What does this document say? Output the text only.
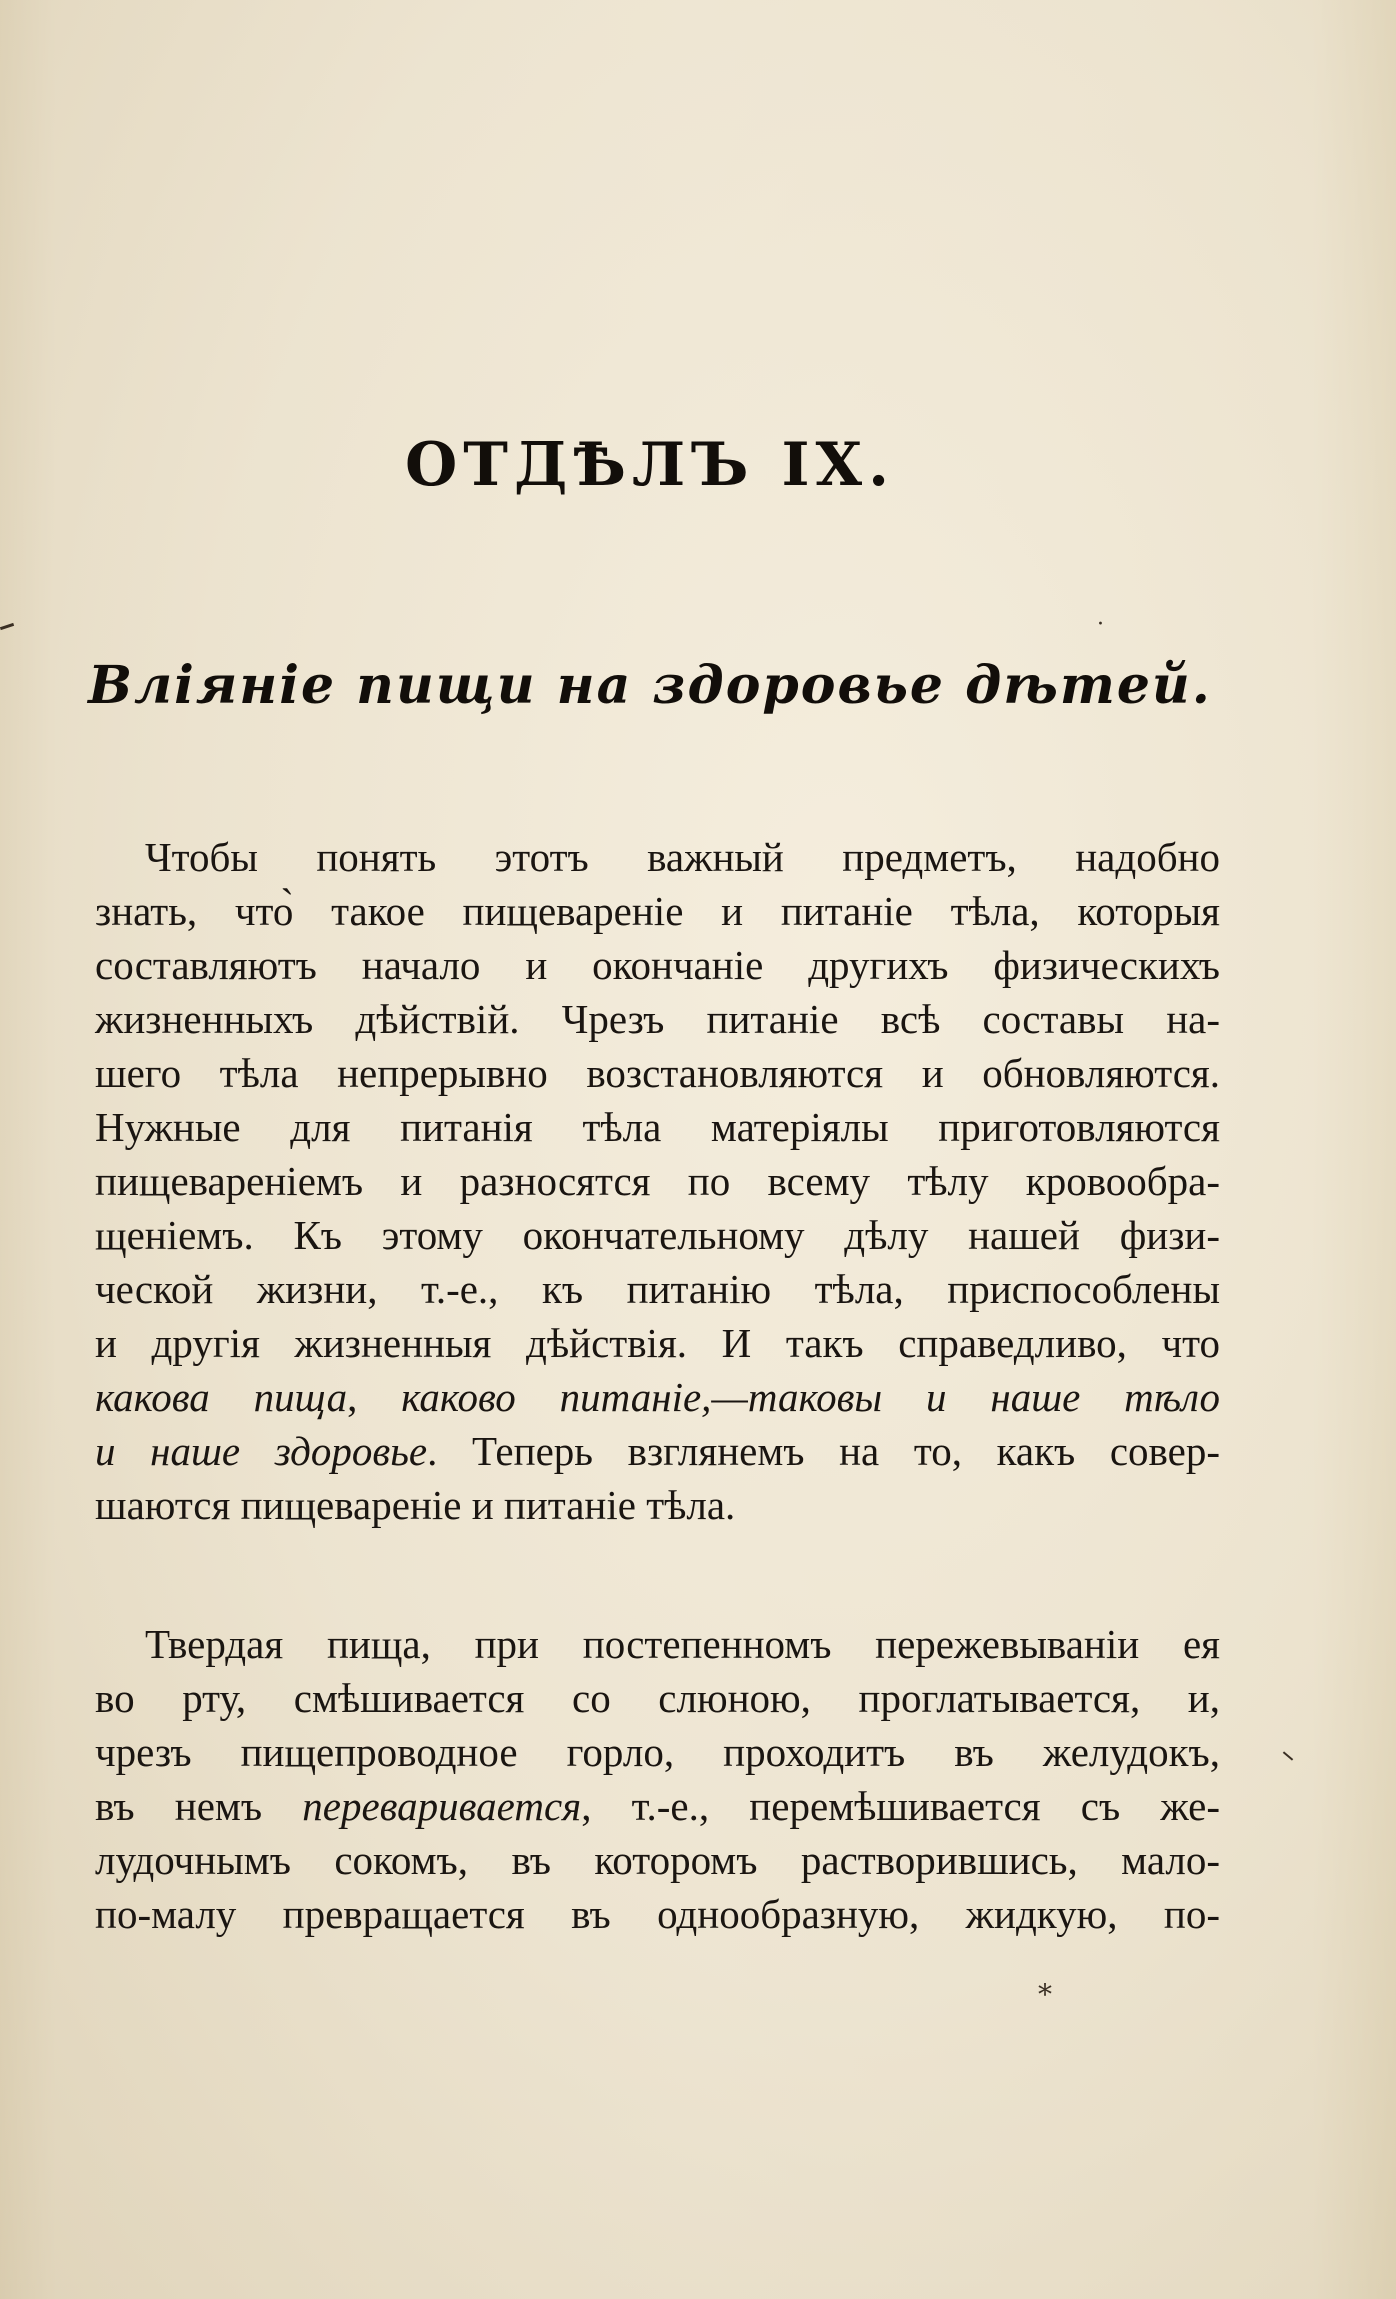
ОТДѢЛЪ IX.
Вліяніе пищи на здоровье дѣтей.
·
Чтобы понять этотъ важный предметъ, надобно
знать, что̀ такое пищевареніе и питаніе тѣла, которыя
составляютъ начало и окончаніе другихъ физическихъ
жизненныхъ дѣйствій. Чрезъ питаніе всѣ составы на-
шего тѣла непрерывно возстановляются и обновляются.
Нужные для питанія тѣла матеріялы приготовляются
пищевареніемъ и разносятся по всему тѣлу кровообра-
щеніемъ. Къ этому окончательному дѣлу нашей физи-
ческой жизни, т.-е., къ питанію тѣла, приспособлены
и другія жизненныя дѣйствія. И такъ справедливо, что
какова пища, каково питаніе,—таковы и наше тѣло
и наше здоровье. Теперь взглянемъ на то, какъ совер-
шаются пищевареніе и питаніе тѣла.
Твердая пища, при постепенномъ пережевываніи ея
во рту, смѣшивается со слюною, проглатывается, и,
чрезъ пищепроводное горло, проходитъ въ желудокъ,
въ немъ переваривается, т.-е., перемѣшивается съ же-
лудочнымъ сокомъ, въ которомъ растворившись, мало-
по-малу превращается въ однообразную, жидкую, по-
*
